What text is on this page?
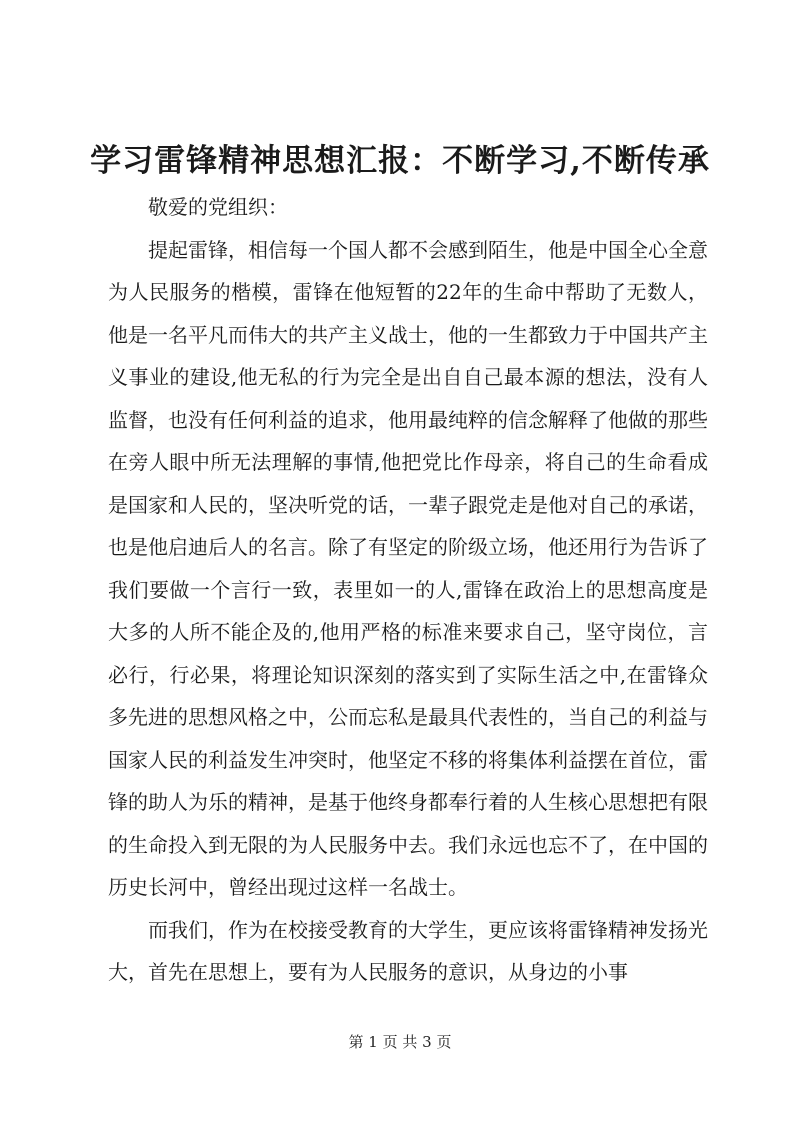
学习雷锋精神思想汇报：不断学习,不断传承

敬爱的党组织：

提起雷锋，相信每一个国人都不会感到陌生，他是中国全心全意为人民服务的楷模，雷锋在他短暂的22年的生命中帮助了无数人，他是一名平凡而伟大的共产主义战士，他的一生都致力于中国共产主义事业的建设,他无私的行为完全是出自自己最本源的想法，没有人监督，也没有任何利益的追求，他用最纯粹的信念解释了他做的那些在旁人眼中所无法理解的事情,他把党比作母亲，将自己的生命看成是国家和人民的，坚决听党的话，一辈子跟党走是他对自己的承诺，也是他启迪后人的名言。除了有坚定的阶级立场，他还用行为告诉了我们要做一个言行一致，表里如一的人,雷锋在政治上的思想高度是大多的人所不能企及的,他用严格的标准来要求自己，坚守岗位，言必行，行必果，将理论知识深刻的落实到了实际生活之中,在雷锋众多先进的思想风格之中，公而忘私是最具代表性的，当自己的利益与国家人民的利益发生冲突时，他坚定不移的将集体利益摆在首位，雷锋的助人为乐的精神，是基于他终身都奉行着的人生核心思想把有限的生命投入到无限的为人民服务中去。我们永远也忘不了，在中国的历史长河中，曾经出现过这样一名战士。

而我们，作为在校接受教育的大学生，更应该将雷锋精神发扬光大，首先在思想上，要有为人民服务的意识，从身边的小事

第 1 页 共 3 页
